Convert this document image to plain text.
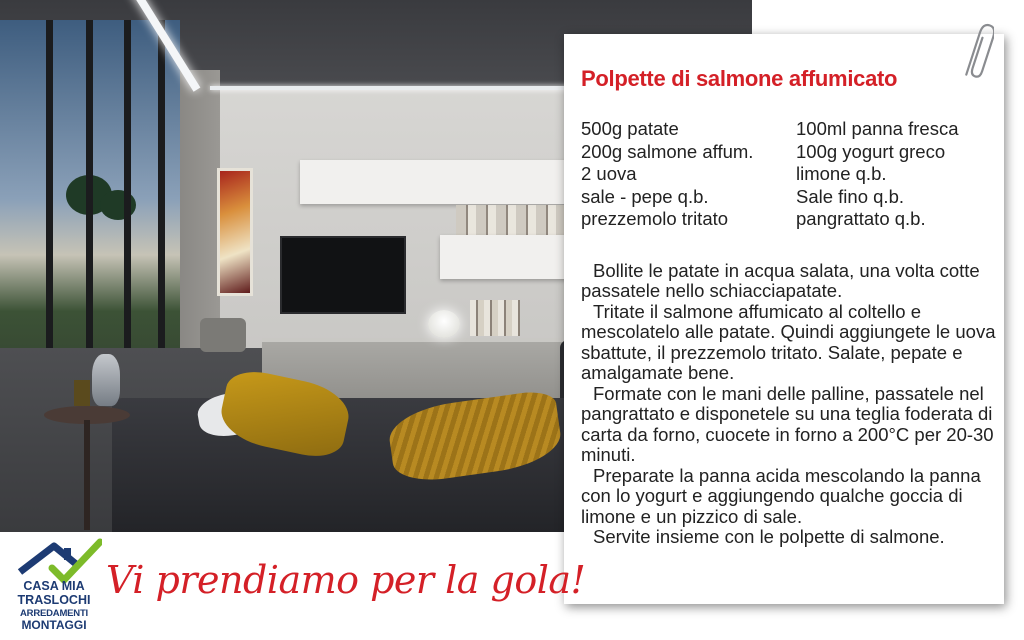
Polpette di salmone affumicato
500g patate
200g salmone affum.
2 uova
sale - pepe q.b.
prezzemolo tritato
100ml panna fresca
100g yogurt greco
limone q.b.
Sale fino q.b.
pangrattato q.b.
Bollite le patate in acqua salata, una volta cotte passatele nello schiacciapatate.
Tritate il salmone affumicato al coltello e mescolatelo alle patate. Quindi aggiungete le uova sbattute, il prezzemolo tritato. Salate, pepate e amalgamate bene.
Formate con le mani delle palline, passatele nel pangrattato e disponetele su una teglia foderata di carta da forno, cuocete in forno a 200°C per 20-30 minuti.
Preparate la panna acida mescolando la panna con lo yogurt e aggiungendo qualche goccia di limone e un pizzico di sale.
Servite insieme con le polpette di salmone.
CASA MIA
TRASLOCHI
ARREDAMENTI
MONTAGGI
Vi prendiamo per la gola!
